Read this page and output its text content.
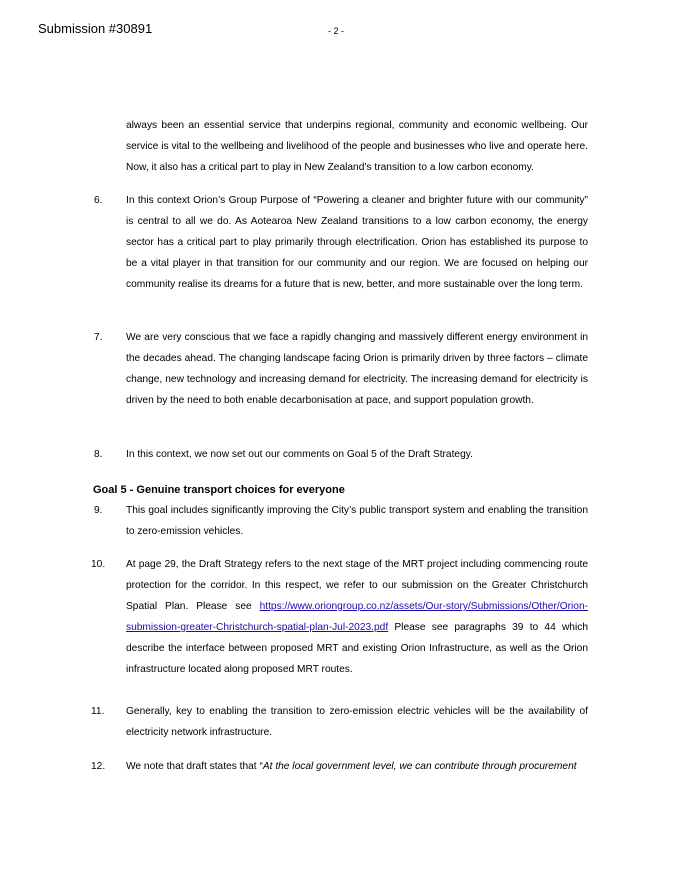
Submission #30891	- 2 -
always been an essential service that underpins regional, community and economic wellbeing. Our service is vital to the wellbeing and livelihood of the people and businesses who live and operate here. Now, it also has a critical part to play in New Zealand’s transition to a low carbon economy.
6. In this context Orion’s Group Purpose of “Powering a cleaner and brighter future with our community” is central to all we do. As Aotearoa New Zealand transitions to a low carbon economy, the energy sector has a critical part to play primarily through electrification. Orion has established its purpose to be a vital player in that transition for our community and our region. We are focused on helping our community realise its dreams for a future that is new, better, and more sustainable over the long term.
7. We are very conscious that we face a rapidly changing and massively different energy environment in the decades ahead. The changing landscape facing Orion is primarily driven by three factors – climate change, new technology and increasing demand for electricity. The increasing demand for electricity is driven by the need to both enable decarbonisation at pace, and support population growth.
8. In this context, we now set out our comments on Goal 5 of the Draft Strategy.
Goal 5 - Genuine transport choices for everyone
9. This goal includes significantly improving the City’s public transport system and enabling the transition to zero-emission vehicles.
10. At page 29, the Draft Strategy refers to the next stage of the MRT project including commencing route protection for the corridor. In this respect, we refer to our submission on the Greater Christchurch Spatial Plan. Please see https://www.oriongroup.co.nz/assets/Our-story/Submissions/Other/Orion-submission-greater-Christchurch-spatial-plan-Jul-2023.pdf Please see paragraphs 39 to 44 which describe the interface between proposed MRT and existing Orion Infrastructure, as well as the Orion infrastructure located along proposed MRT routes.
11. Generally, key to enabling the transition to zero-emission electric vehicles will be the availability of electricity network infrastructure.
12. We note that draft states that “At the local government level, we can contribute through procurement
